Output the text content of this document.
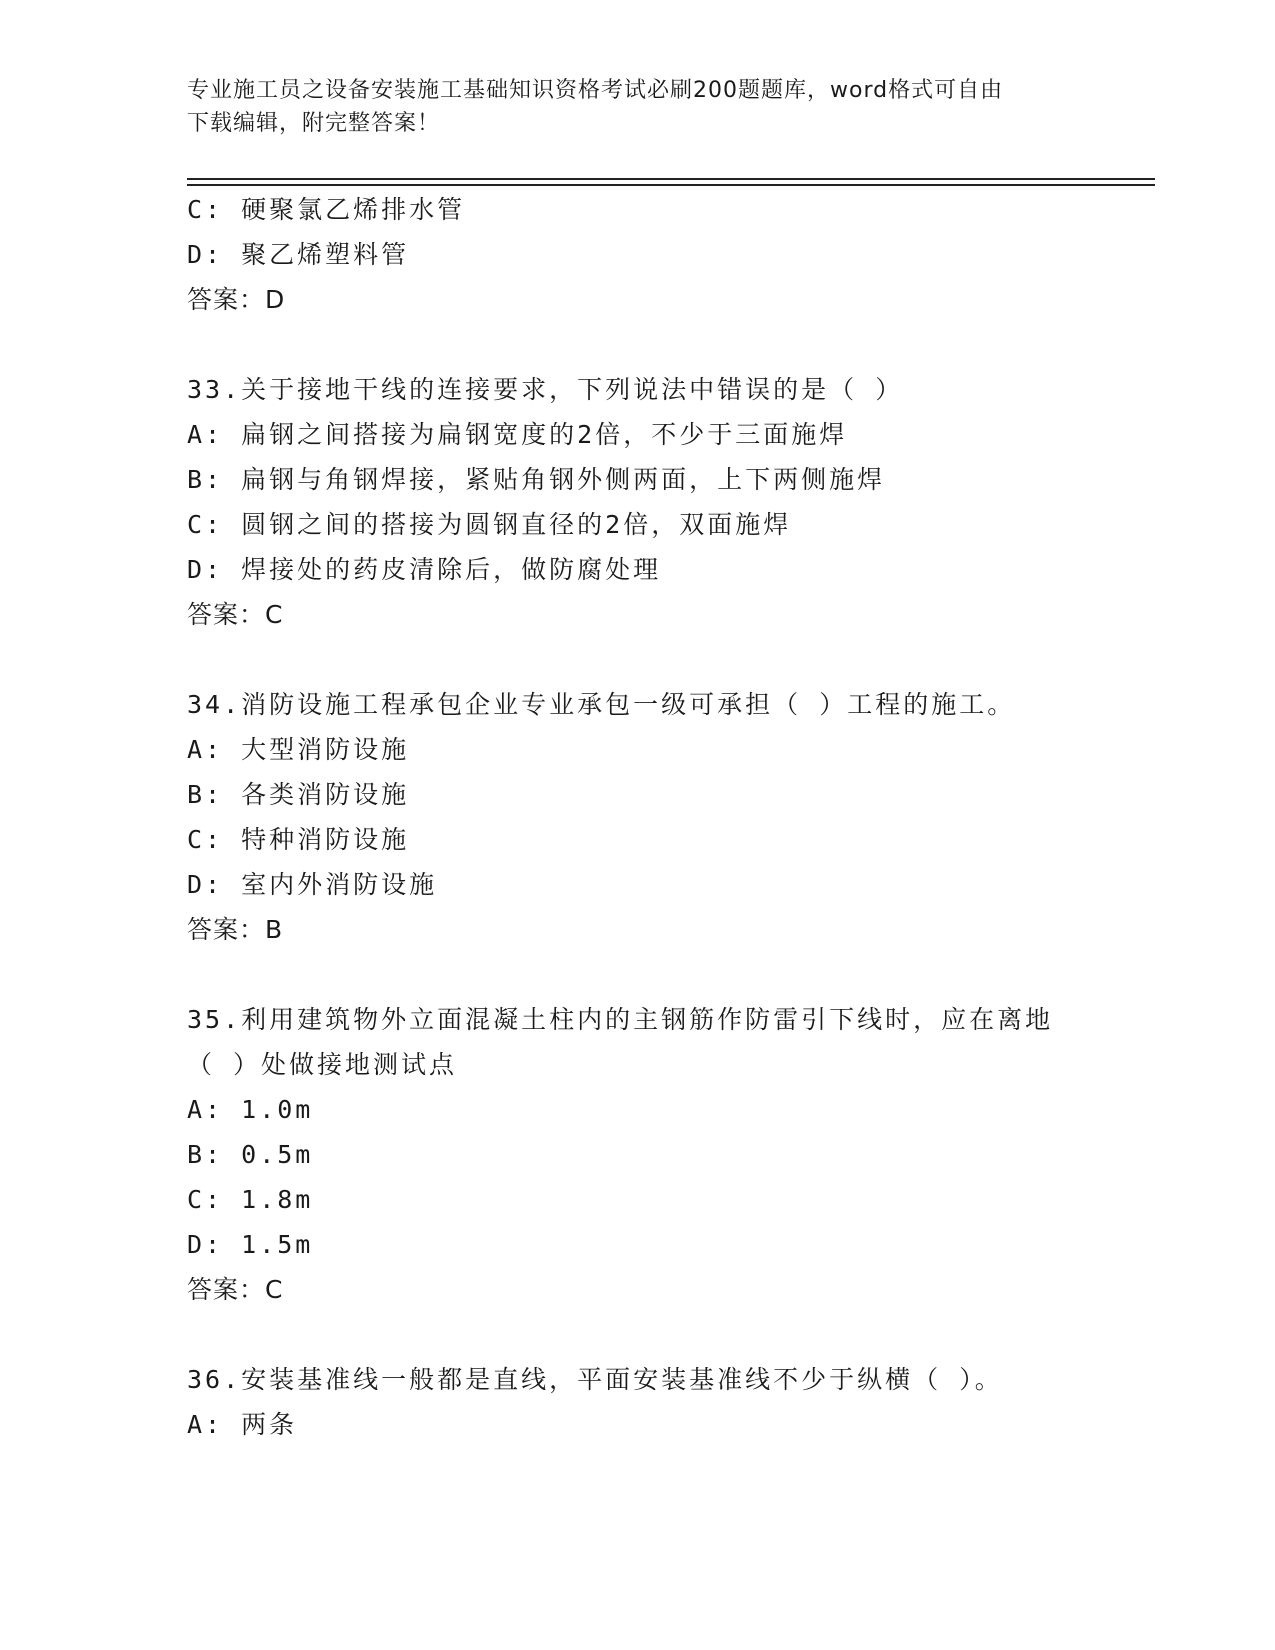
专业施工员之设备安装施工基础知识资格考试必刷200题题库，word格式可自由
下载编辑，附完整答案！
C: 硬聚氯乙烯排水管
D: 聚乙烯塑料管
答案：D
33.关于接地干线的连接要求，下列说法中错误的是（ ）
A: 扁钢之间搭接为扁钢宽度的2倍，不少于三面施焊
B: 扁钢与角钢焊接，紧贴角钢外侧两面，上下两侧施焊
C: 圆钢之间的搭接为圆钢直径的2倍，双面施焊
D: 焊接处的药皮清除后，做防腐处理
答案：C
34.消防设施工程承包企业专业承包一级可承担（ ）工程的施工。
A: 大型消防设施
B: 各类消防设施
C: 特种消防设施
D: 室内外消防设施
答案：B
35.利用建筑物外立面混凝土柱内的主钢筋作防雷引下线时，应在离地
（ ）处做接地测试点
A: 1.0m
B: 0.5m
C: 1.8m
D: 1.5m
答案：C
36.安装基准线一般都是直线，平面安装基准线不少于纵横（ ）。
A: 两条
